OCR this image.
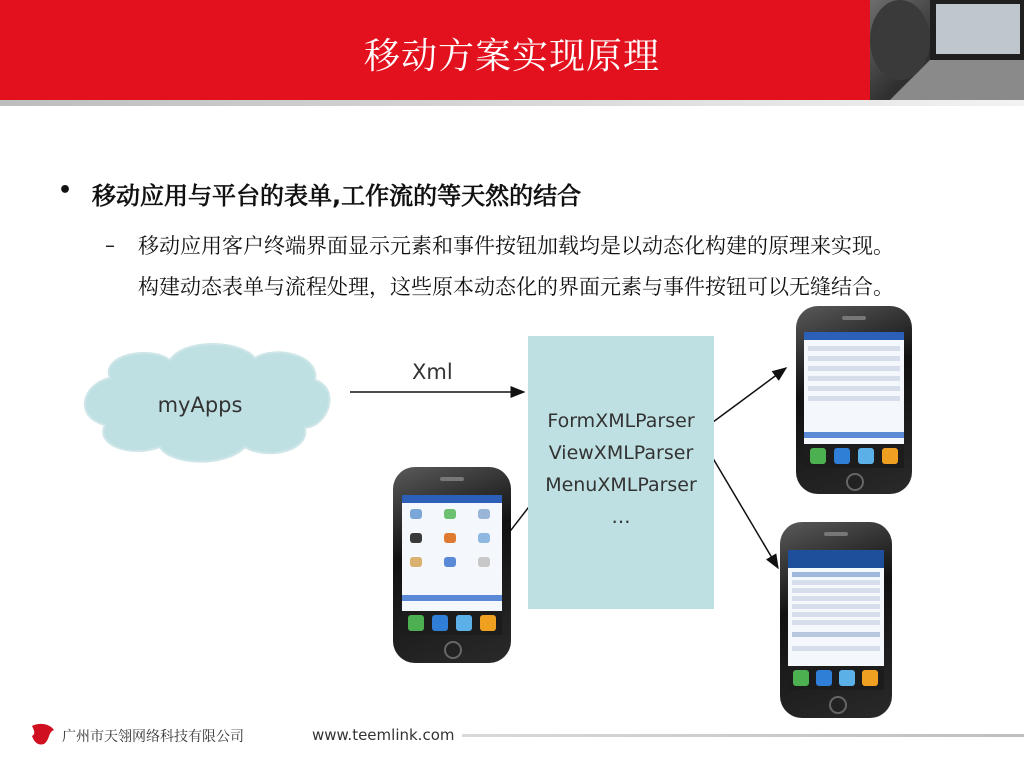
移动方案实现原理
• 移动应用与平台的表单,工作流的等天然的结合
– 移动应用客户终端界面显示元素和事件按钮加载均是以动态化构建的原理来实现。
构建动态表单与流程处理，这些原本动态化的界面元素与事件按钮可以无缝结合。
FormXMLParser
ViewXMLParser
MenuXMLParser
…
myApps
Xml
广州市天翎网络科技有限公司	www.teemlink.com
